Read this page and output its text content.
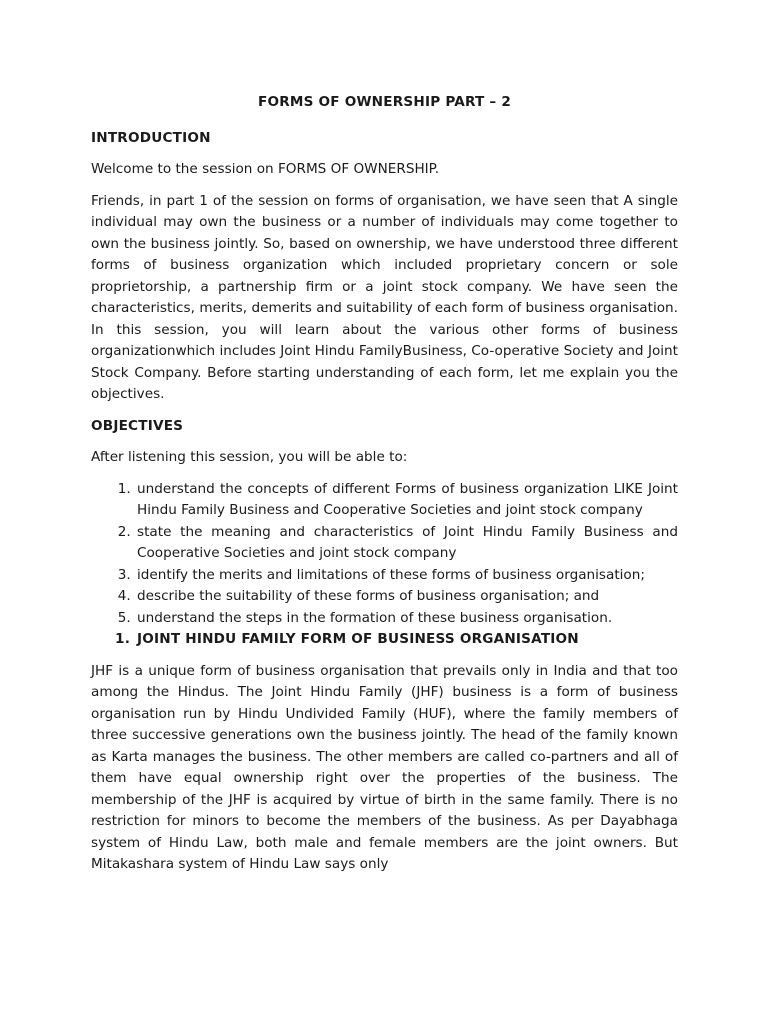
FORMS OF OWNERSHIP PART – 2
INTRODUCTION

Welcome to the session on FORMS OF OWNERSHIP.

Friends, in part 1 of the session on forms of organisation, we have seen that A single individual may own the business or a number of individuals may come together to own the business jointly. So, based on ownership, we have understood three different forms of business organization which included proprietary concern or sole proprietorship, a partnership firm or a joint stock company. We have seen the characteristics, merits, demerits and suitability of each form of business organisation. In this session, you will learn about the various other forms of business organizationwhich includes Joint Hindu FamilyBusiness, Co-operative Society and Joint Stock Company. Before starting understanding of each form, let me explain you the objectives.

OBJECTIVES

After listening this session, you will be able to:

1. understand the concepts of different Forms of business organization LIKE Joint Hindu Family Business and Cooperative Societies and joint stock company
2. state the meaning and characteristics of Joint Hindu Family Business and Cooperative Societies and joint stock company
3. identify the merits and limitations of these forms of business organisation;
4. describe the suitability of these forms of business organisation; and
5. understand the steps in the formation of these business organisation.
1. JOINT HINDU FAMILY FORM OF BUSINESS ORGANISATION

JHF is a unique form of business organisation that prevails only in India and that too among the Hindus. The Joint Hindu Family (JHF) business is a form of business organisation run by Hindu Undivided Family (HUF), where the family members of three successive generations own the business jointly. The head of the family known as Karta manages the business. The other members are called co-partners and all of them have equal ownership right over the properties of the business. The membership of the JHF is acquired by virtue of birth in the same family. There is no restriction for minors to become the members of the business. As per Dayabhaga system of Hindu Law, both male and female members are the joint owners. But Mitakashara system of Hindu Law says only
